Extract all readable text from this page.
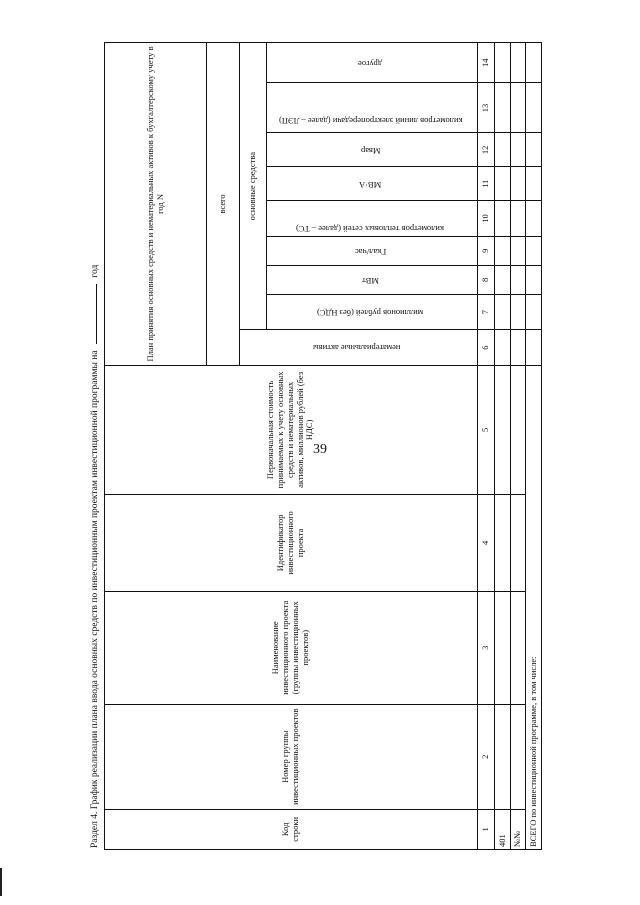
39
Раздел 4. График реализации плана ввода основных средств по инвестиционным проектам инвестиционной программы на  год
Код строки	Номер группы инвестиционных проектов	Наименование инвестиционного проекта (группы инвестиционных проектов)	Идентификатор инвестиционного проекта	Первоначальная стоимость принимаемых к учету основных средств и нематериальных активов, миллионов рублей (без НДС)	План принятия основных средств и нематериальных активов к бухгалтерскому учету в год N								
					всего								
					нематериальные активы	основные средства							
						миллионов рублей (без НДС)	МВт	Гкал/час	километров тепловых сетей (далее – ТС)	МВ·А	Мвар	километров линий электропередачи (далее – ЛЭП)	другое
1	2	3	4	5	6	7	8	9	10	11	12	13	14
401													
№№													
ВСЕГО по инвестиционной программе, в том числе:													
